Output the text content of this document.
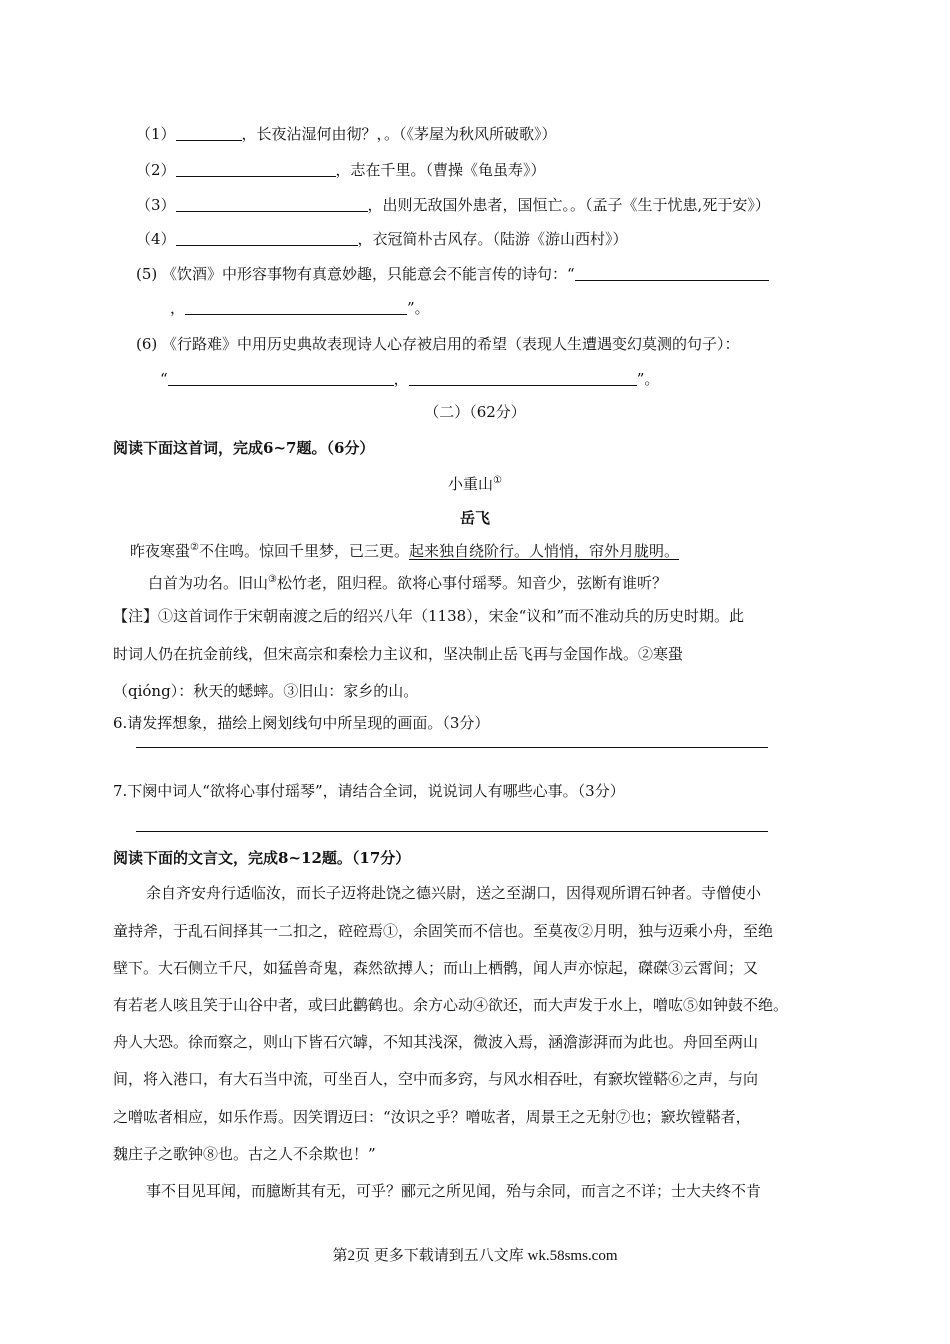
（1）	，长夜沾湿何由彻？，。（《茅屋为秋风所破歌》）
（2）	，志在千里。（曹操《龟虽寿》）
（3）	，出则无敌国外患者，国恒亡。。（孟子《生于忧患,死于安》）
（4）	，衣冠简朴古风存。（陆游《游山西村》）
(5) 《饮酒》中形容事物有真意妙趣，只能意会不能言传的诗句：“
，	”。
(6) 《行路难》中用历史典故表现诗人心存被启用的希望（表现人生遭遇变幻莫测的句子）：
“	，	”。
（二）（62分）
阅读下面这首词，完成6~7题。（6分）
小重山①
岳飞
昨夜寒蛩②不住鸣。惊回千里梦，已三更。起来独自绕阶行。人悄悄，帘外月胧明。
白首为功名。旧山③松竹老，阻归程。欲将心事付瑶琴。知音少，弦断有谁听？
【注】①这首词作于宋朝南渡之后的绍兴八年（1138），宋金“议和”而不准动兵的历史时期。此
时词人仍在抗金前线，但宋高宗和秦桧力主议和，坚决制止岳飞再与金国作战。②寒蛩
（qióng）：秋天的蟋蟀。③旧山：家乡的山。
6.请发挥想象，描绘上阕划线句中所呈现的画面。（3分）
7.下阕中词人“欲将心事付瑶琴”，请结合全词，说说词人有哪些心事。（3分）
阅读下面的文言文，完成8~12题。（17分）
余自齐安舟行适临汝，而长子迈将赴饶之德兴尉，送之至湖口，因得观所谓石钟者。寺僧使小
童持斧，于乱石间择其一二扣之，硿硿焉①，余固笑而不信也。至莫夜②月明，独与迈乘小舟，至绝
壁下。大石侧立千尺，如猛兽奇鬼，森然欲搏人；而山上栖鹘，闻人声亦惊起，磔磔③云霄间；又
有若老人咳且笑于山谷中者，或曰此鹳鹤也。余方心动④欲还，而大声发于水上，噌吰⑤如钟鼓不绝。
舟人大恐。徐而察之，则山下皆石穴罅，不知其浅深，微波入焉，涵澹澎湃而为此也。舟回至两山
间，将入港口，有大石当中流，可坐百人，空中而多窍，与风水相吞吐，有窾坎镗鞳⑥之声，与向
之噌吰者相应，如乐作焉。因笑谓迈曰：“汝识之乎？噌吰者，周景王之无射⑦也；窾坎镗鞳者，
魏庄子之歌钟⑧也。古之人不余欺也！”
事不目见耳闻，而臆断其有无，可乎？郦元之所见闻，殆与余同，而言之不详；士大夫终不肯
第2页 更多下载请到五八文库 wk.58sms.com
